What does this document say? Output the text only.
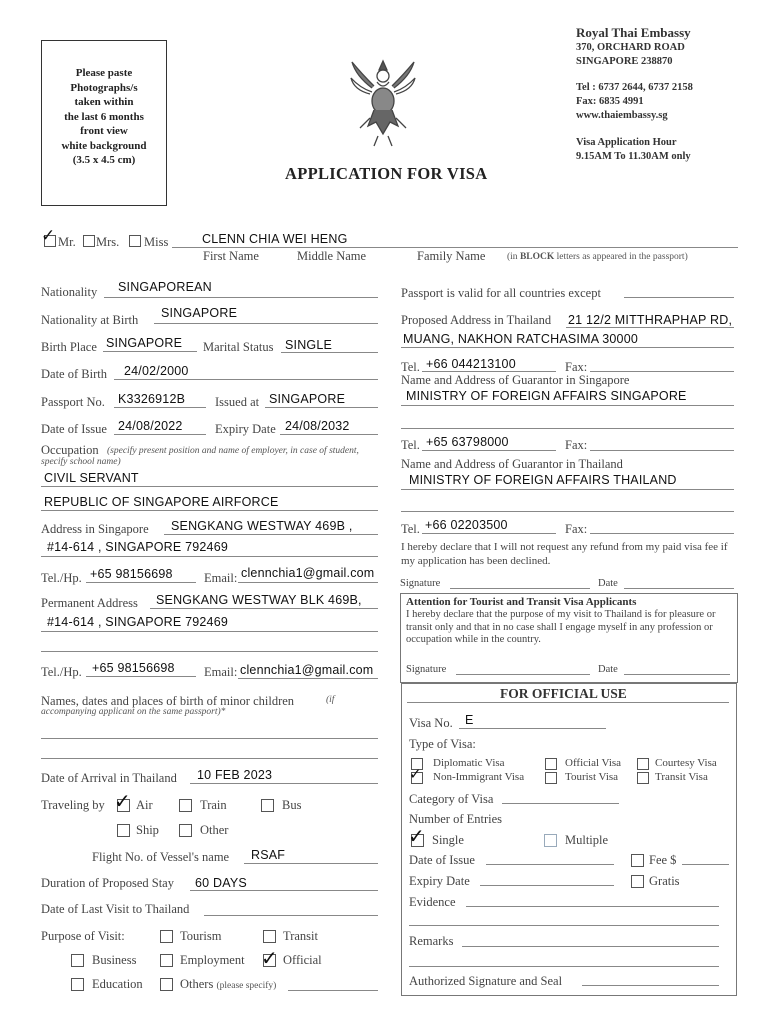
Please paste
Photographs/s
taken within
the last 6 months
front view
white background
(3.5 x 4.5 cm)
Royal Thai Embassy
370, ORCHARD ROAD
SINGAPORE 238870
Tel : 6737 2644, 6737 2158
Fax: 6835 4991
www.thaiembassy.sg
Visa Application Hour
9.15AM To 11.30AM only
APPLICATION FOR VISA
✓ Mr. Mrs. Miss	CLENN CHIA WEI HENG
First Name	Middle Name	Family Name (in BLOCK letters as appeared in the passport)
Nationality SINGAPOREAN
Nationality at Birth SINGAPORE
Birth Place SINGAPORE Marital Status SINGLE
Date of Birth 24/02/2000
Passport No. K3326912B Issued at SINGAPORE
Date of Issue 24/08/2022	Expiry Date 24/08/2032
Occupation (specify present position and name of employer, in case of student, specify school name)
CIVIL SERVANT
REPUBLIC OF SINGAPORE AIRFORCE
Address in Singapore SENGKANG WESTWAY 469B ,
#14-614 , SINGAPORE 792469
Tel./Hp. +65 98156698	Email: clennchia1@gmail.com
Permanent Address SENGKANG WESTWAY BLK 469B,
#14-614 , SINGAPORE 792469
Tel./Hp. +65 98156698 Email: clennchia1@gmail.com
Names, dates and places of birth of minor children	(if accompanying applicant on the same passport)*
Date of Arrival in Thailand 10 FEB 2023
Traveling by ✓ Air	Train	Bus
Ship	Other
Flight No. of Vessel's name RSAF
Duration of Proposed Stay 60 DAYS
Date of Last Visit to Thailand
Purpose of Visit:	Tourism	Transit
Business	Employment ✓ Official
Education	Others (please specify)
Passport is valid for all countries except
Proposed Address in Thailand 21 12/2 MITTHRAPHAP RD,
MUANG, NAKHON RATCHASIMA 30000
Tel. +66 044213100	Fax:
Name and Address of Guarantor in Singapore
MINISTRY OF FOREIGN AFFAIRS SINGAPORE
Tel. +65 63798000	Fax:
Name and Address of Guarantor in Thailand
MINISTRY OF FOREIGN AFFAIRS THAILAND
Tel. +66 02203500	Fax:
I hereby declare that I will not request any refund from my paid visa fee if my application has been declined.
Signature	Date
Attention for Tourist and Transit Visa Applicants
I hereby declare that the purpose of my visit to Thailand is for pleasure or transit only and that in no case shall I engage myself in any profession or occupation while in the country.
Signature	Date
FOR OFFICIAL USE
Visa No. E
Type of Visa:
Diplomatic Visa	Official Visa	Courtesy Visa
✓ Non-Immigrant Visa	Tourist Visa	Transit Visa
Category of Visa
Number of Entries
✓ Single	Multiple
Date of Issue	Fee $
Expiry Date	Gratis
Evidence
Remarks
Authorized Signature and Seal
